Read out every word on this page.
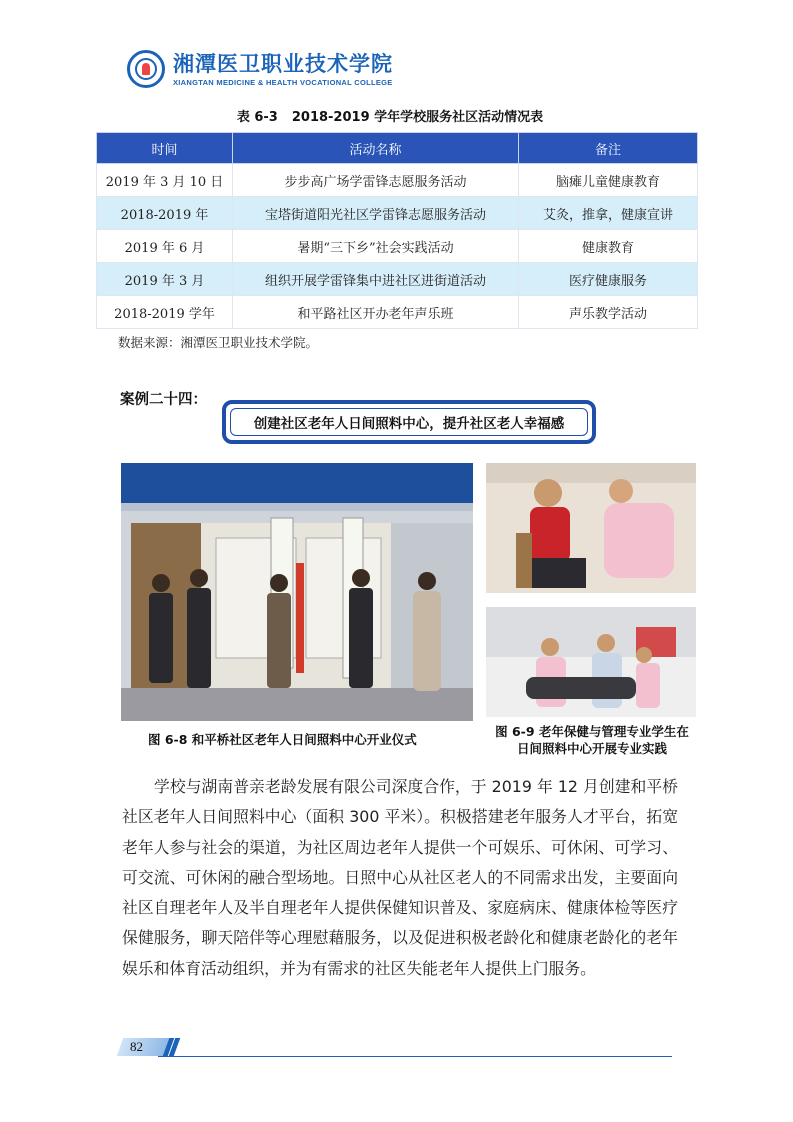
湘潭医卫职业技术学院
XIANGTAN MEDICINE & HEALTH VOCATIONAL COLLEGE
表 6-3 2018-2019 学年学校服务社区活动情况表
时间	活动名称	备注
2019 年 3 月 10 日	步步高广场学雷锋志愿服务活动	脑瘫儿童健康教育
2018-2019 年	宝塔街道阳光社区学雷锋志愿服务活动	艾灸，推拿，健康宣讲
2019 年 6 月	暑期“三下乡”社会实践活动	健康教育
2019 年 3 月	组织开展学雷锋集中进社区进街道活动	医疗健康服务
2018-2019 学年	和平路社区开办老年声乐班	声乐教学活动
数据来源：湘潭医卫职业技术学院。
案例二十四：
创建社区老年人日间照料中心，提升社区老人幸福感
图 6-8 和平桥社区老年人日间照料中心开业仪式
图 6-9 老年保健与管理专业学生在
日间照料中心开展专业实践
学校与湖南普亲老龄发展有限公司深度合作，于 2019 年 12 月创建和平桥社区老年人日间照料中心（面积 300 平米）。积极搭建老年服务人才平台，拓宽老年人参与社会的渠道，为社区周边老年人提供一个可娱乐、可休闲、可学习、可交流、可休闲的融合型场地。日照中心从社区老人的不同需求出发，主要面向社区自理老年人及半自理老年人提供保健知识普及、家庭病床、健康体检等医疗保健服务，聊天陪伴等心理慰藉服务，以及促进积极老龄化和健康老龄化的老年娱乐和体育活动组织，并为有需求的社区失能老年人提供上门服务。
82
